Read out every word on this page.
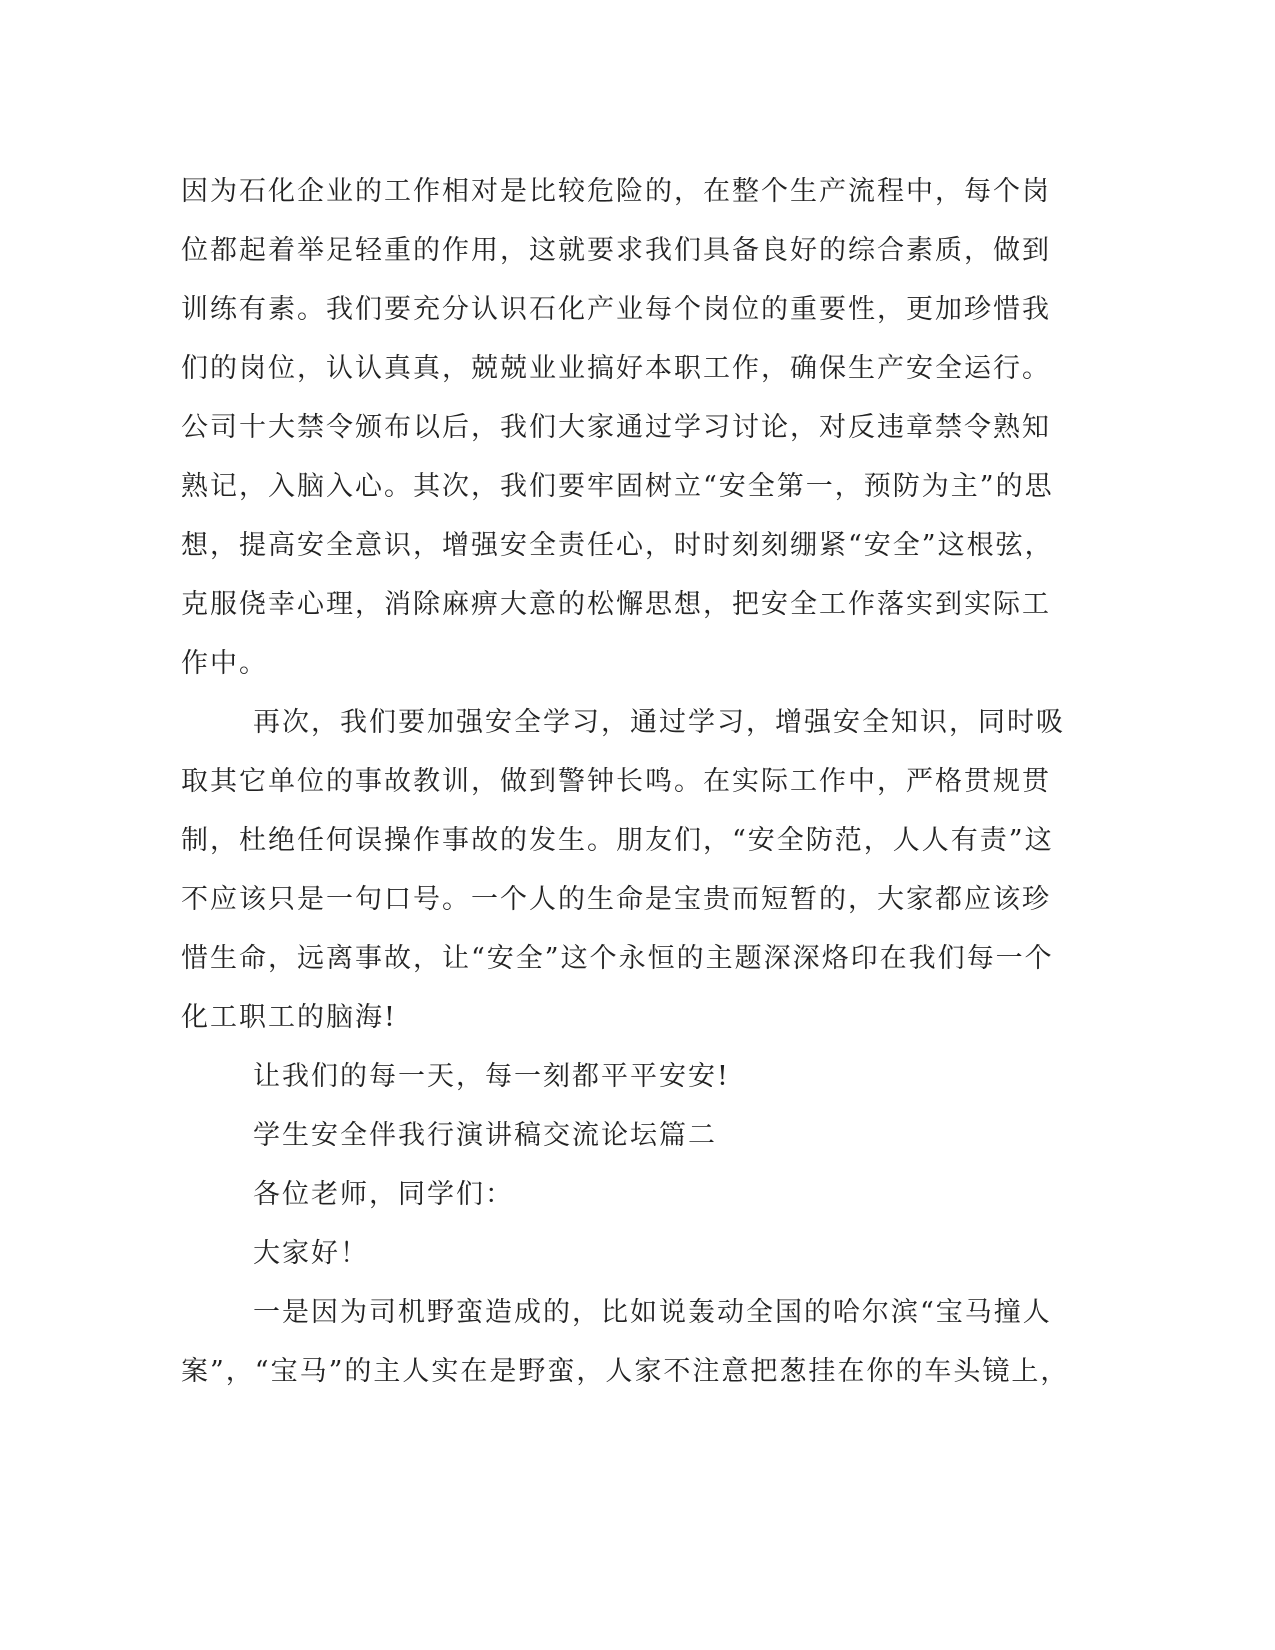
因为石化企业的工作相对是比较危险的，在整个生产流程中，每个岗
位都起着举足轻重的作用，这就要求我们具备良好的综合素质，做到
训练有素。我们要充分认识石化产业每个岗位的重要性，更加珍惜我
们的岗位，认认真真，兢兢业业搞好本职工作，确保生产安全运行。
公司十大禁令颁布以后，我们大家通过学习讨论，对反违章禁令熟知
熟记，入脑入心。其次，我们要牢固树立“安全第一，预防为主”的思
想，提高安全意识，增强安全责任心，时时刻刻绷紧“安全”这根弦，
克服侥幸心理，消除麻痹大意的松懈思想，把安全工作落实到实际工
作中。
再次，我们要加强安全学习，通过学习，增强安全知识，同时吸
取其它单位的事故教训，做到警钟长鸣。在实际工作中，严格贯规贯
制，杜绝任何误操作事故的发生。朋友们，“安全防范，人人有责”这
不应该只是一句口号。一个人的生命是宝贵而短暂的，大家都应该珍
惜生命，远离事故，让“安全”这个永恒的主题深深烙印在我们每一个
化工职工的脑海!
让我们的每一天，每一刻都平平安安!
学生安全伴我行演讲稿交流论坛篇二
各位老师，同学们：
大家好！
一是因为司机野蛮造成的，比如说轰动全国的哈尔滨“宝马撞人
案”，“宝马”的主人实在是野蛮，人家不注意把葱挂在你的车头镜上，
